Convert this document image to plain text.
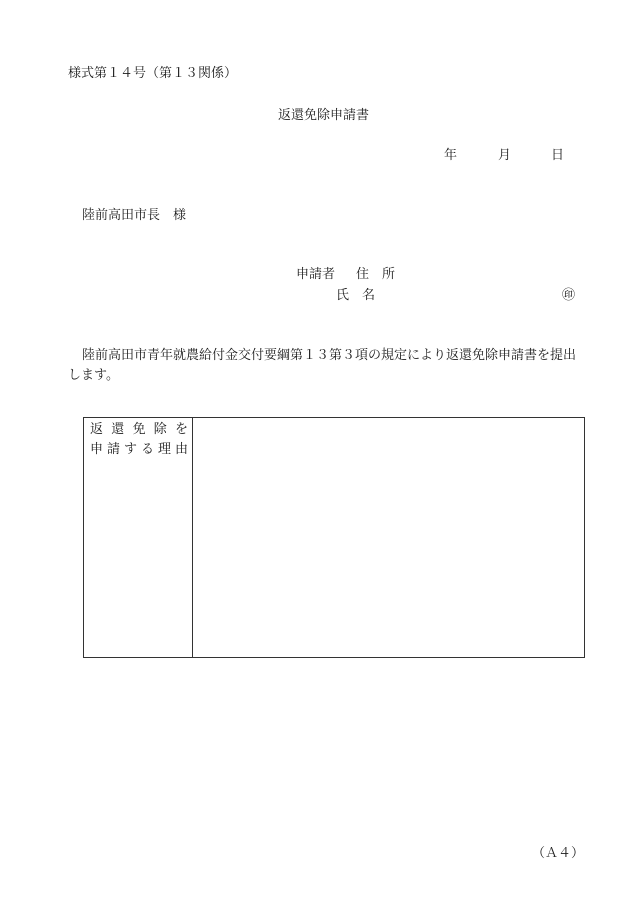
様式第１４号（第１３関係）
返還免除申請書
年	月	日
陸前高田市長　様
申請者 住　所
氏　名	㊞
陸前高田市青年就農給付金交付要綱第１３第３項の規定により返還免除申請書を提出します。
返還免除を
申請する理由
（Ａ４）
